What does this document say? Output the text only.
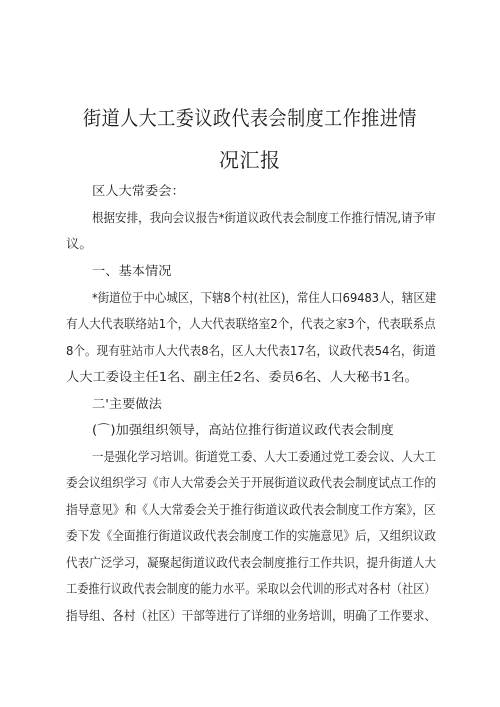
街道人大工委议政代表会制度工作推进情
况汇报
区人大常委会：
根据安排，我向会议报告*街道议政代表会制度工作推行情况,请予审
议。
一、基本情况
*街道位于中心城区，下辖8个村(社区)，常住人口69483人，辖区建
有人大代表联络站1个，人大代表联络室2个，代表之家3个，代表联系点
8个。现有驻站市人大代表8名，区人大代表17名，议政代表54名，街道
人大工委设主任1名、副主任2名、委员6名、人大秘书1名。
二'主要做法
(⌒)加强组织领导，高站位推行街道议政代表会制度
一是强化学习培训。街道党工委、人大工委通过党工委会议、人大工
委会议组织学习《市人大常委会关于开展街道议政代表会制度试点工作的
指导意见》和《人大常委会关于推行街道议政代表会制度工作方案》，区
委下发《全面推行街道议政代表会制度工作的实施意见》后，又组织议政
代表广泛学习，凝聚起街道议政代表会制度推行工作共识，提升街道人大
工委推行议政代表会制度的能力水平。采取以会代训的形式对各村（社区）
指导组、各村（社区）干部等进行了详细的业务培训，明确了工作要求、
